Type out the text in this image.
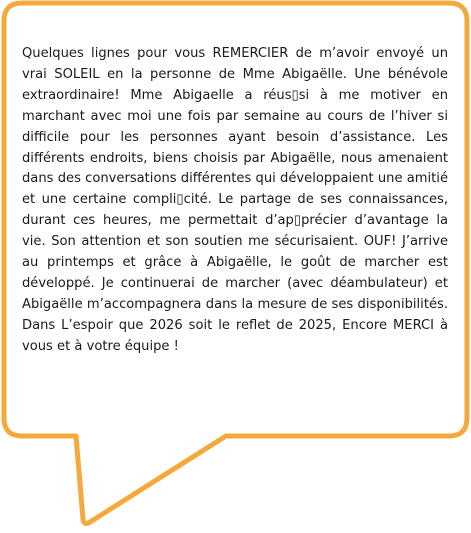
Quelques lignes pour vous REMERCIER de m’avoir envoyé un vrai SOLEIL en la personne de Mme Abigaëlle. Une bénévole extraordinaire! Mme Abigaelle a réus▯si à me motiver en marchant avec moi une fois par semaine au cours de l’hiver si difficile pour les personnes ayant besoin d’assistance. Les différents endroits, biens choisis par Abigaëlle, nous amenaient dans des conversations différentes qui développaient une amitié et une certaine compli▯cité. Le partage de ses connaissances, durant ces heures, me permettait d’ap▯précier d’avantage la vie. Son attention et son soutien me sécurisaient. OUF! J’arrive au printemps et grâce à Abigaëlle, le goût de marcher est développé. Je continuerai de marcher (avec déambulateur) et Abigaëlle m’accompagnera dans la mesure de ses disponibilités. Dans L’espoir que 2026 soit le reflet de 2025, Encore MERCI à vous et à votre équipe !
